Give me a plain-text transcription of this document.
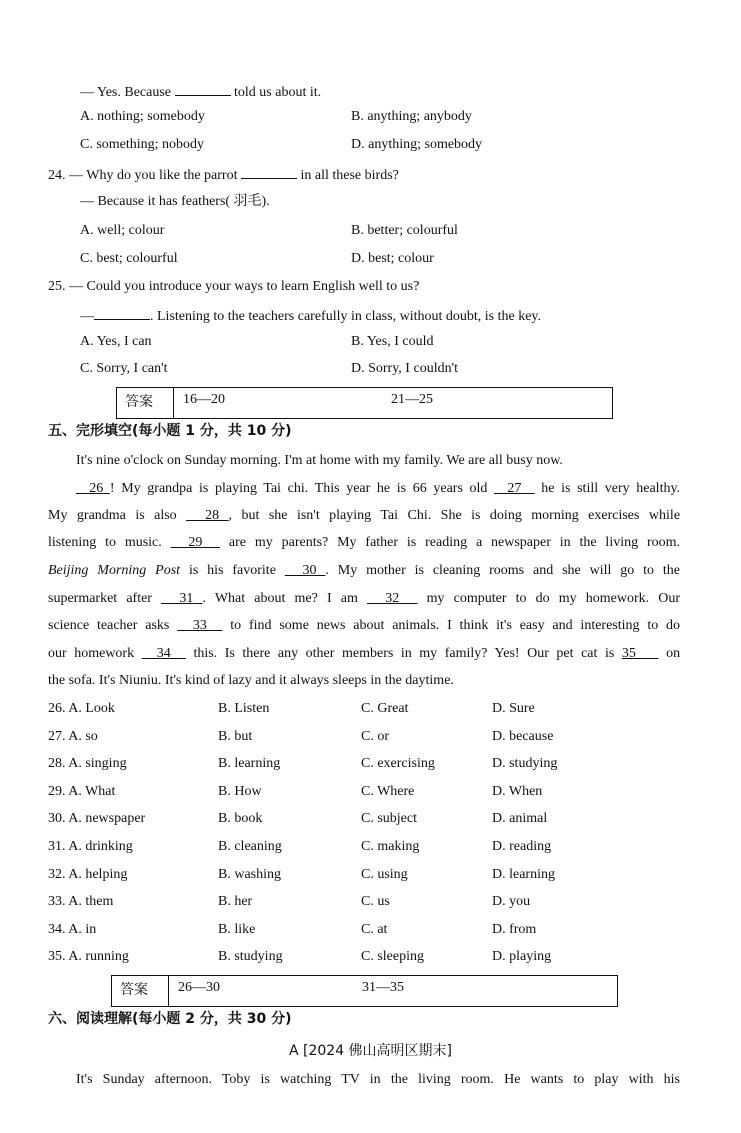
— Yes. Because	told us about it.
A. nothing; somebody	B. anything; anybody
C. something; nobody	D. anything; somebody
24. — Why do you like the parrot	in all these birds?
— Because it has feathers( 羽毛).
A. well; colour	B. better; colourful
C. best; colourful	D. best; colour
25. — Could you introduce your ways to learn English well to us?
—	. Listening to the teachers carefully in class, without doubt, is the key.
A. Yes, I can	B. Yes, I could
C. Sorry, I can't	D. Sorry, I couldn't
答案 16—20	21—25
五、完形填空(每小题 1 分，共 10 分)
It's nine o'clock on Sunday morning. I'm at home with my family. We are all busy now.
26 ! My grandpa is playing Tai chi. This year he is 66 years old 27 he is still very healthy.
My grandma is also 28 , but she isn't playing Tai Chi. She is doing morning exercises while
listening to music. 29 are my parents? My father is reading a newspaper in the living room.
Beijing Morning Post is his favorite 30 . My mother is cleaning rooms and she will go to the
supermarket after 31 . What about me? I am 32 my computer to do my homework. Our
science teacher asks 33 to find some news about animals. I think it's easy and interesting to do
our homework 34 this. Is there any other members in my family? Yes! Our pet cat is 35 on
the sofa. It's Niuniu. It's kind of lazy and it always sleeps in the daytime.
26. A. Look	B. Listen	C. Great	D. Sure
27. A. so	B. but	C. or	D. because
28. A. singing	B. learning	C. exercising	D. studying
29. A. What	B. How	C. Where	D. When
30. A. newspaper	B. book	C. subject	D. animal
31. A. drinking	B. cleaning	C. making	D. reading
32. A. helping	B. washing	C. using	D. learning
33. A. them	B. her	C. us	D. you
34. A. in	B. like	C. at	D. from
35. A. running	B. studying	C. sleeping	D. playing
答案 26—30	31—35
六、阅读理解(每小题 2 分，共 30 分)
A [2024 佛山高明区期末]
It's Sunday afternoon. Toby is watching TV in the living room. He wants to play with his
